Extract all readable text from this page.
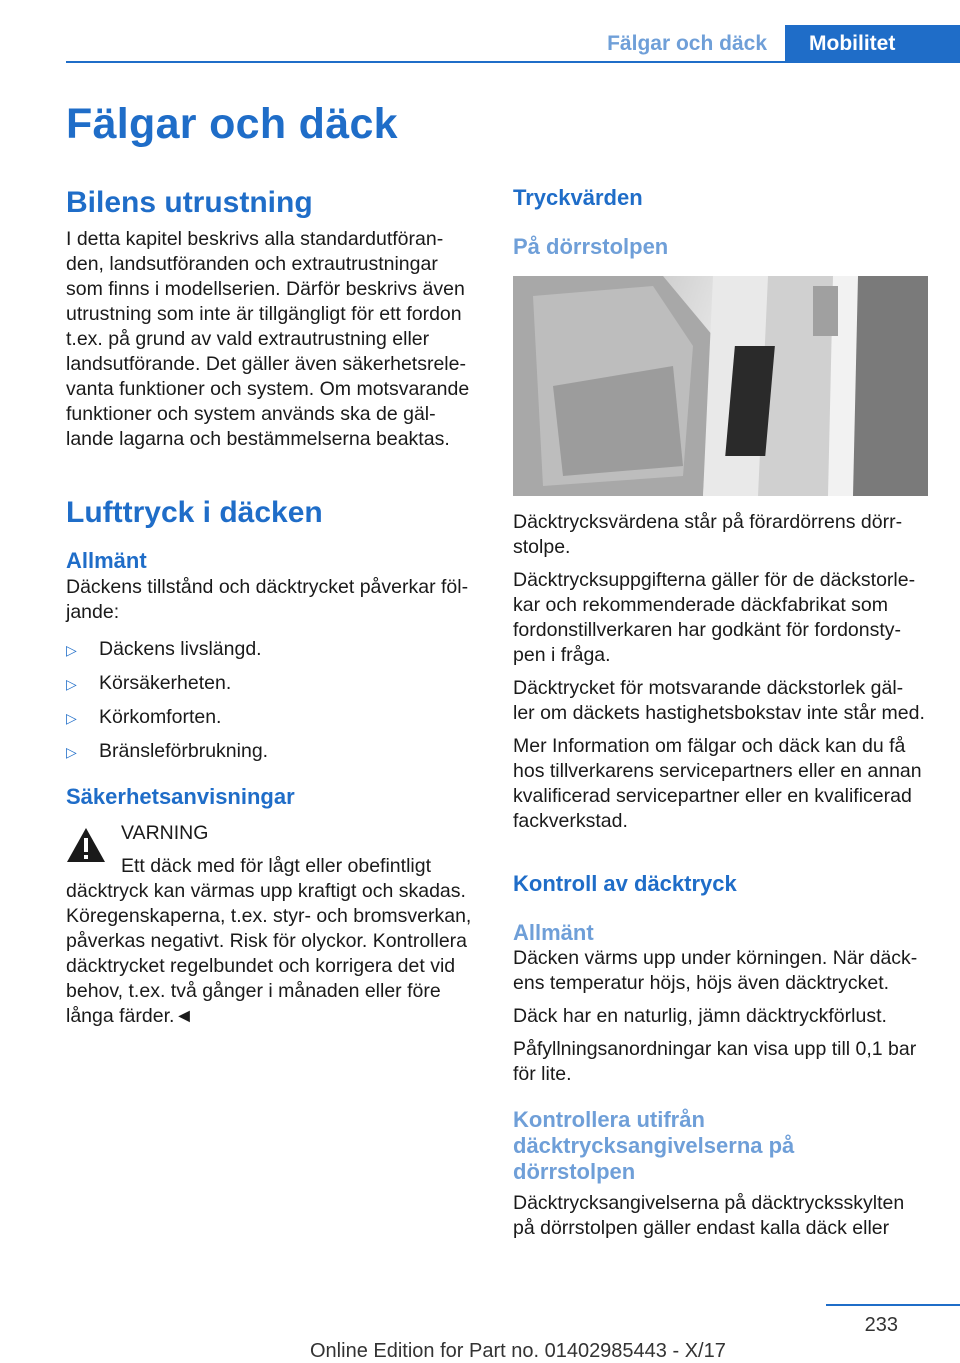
Fälgar och däck	Mobilitet
Fälgar och däck
Bilens utrustning

I detta kapitel beskrivs alla standardutföran- den, landsutföranden och extrautrustningar som finns i modellserien. Därför beskrivs även utrustning som inte är tillgängligt för ett fordon t.ex. på grund av vald extrautrustning eller landsutförande. Det gäller även säkerhetsrele- vanta funktioner och system. Om motsvarande funktioner och system används ska de gäl- lande lagarna och bestämmelserna beaktas.

Lufttryck i däcken
Allmänt

Däckens tillstånd och däcktrycket påverkar föl- jande:

▷	Däckens livslängd.
▷	Körsäkerheten.
▷	Körkomforten.
▷	Bränsleförbrukning.
Säkerhetsanvisningar
VARNING

Ett däck med för lågt eller obefintligt däcktryck kan värmas upp kraftigt och skadas. Köregenskaperna, t.ex. styr- och bromsverkan, påverkas negativt. Risk för olyckor. Kontrollera däcktrycket regelbundet och korrigera det vid behov, t.ex. två gånger i månaden eller före långa färder.◄

Tryckvärden
På dörrstolpen

Däcktrycksvärdena står på förardörrens dörr- stolpe.

Däcktrycksuppgifterna gäller för de däckstorle- kar och rekommenderade däckfabrikat som fordonstillverkaren har godkänt för fordonsty- pen i fråga.

Däcktrycket för motsvarande däckstorlek gäl- ler om däckets hastighetsbokstav inte står med.

Mer Information om fälgar och däck kan du få hos tillverkarens servicepartners eller en annan kvalificerad servicepartner eller en kvalificerad fackverkstad.

Kontroll av däcktryck
Allmänt

Däcken värms upp under körningen. När däck- ens temperatur höjs, höjs även däcktrycket.

Däck har en naturlig, jämn däcktryckförlust.

Påfyllningsanordningar kan visa upp till 0,1 bar för lite.

Kontrollera utifrån däcktrycksangivelserna på dörrstolpen

Däcktrycksangivelserna på däcktrycksskylten på dörrstolpen gäller endast kalla däck eller

233
Online Edition for Part no. 01402985443 - X/17
